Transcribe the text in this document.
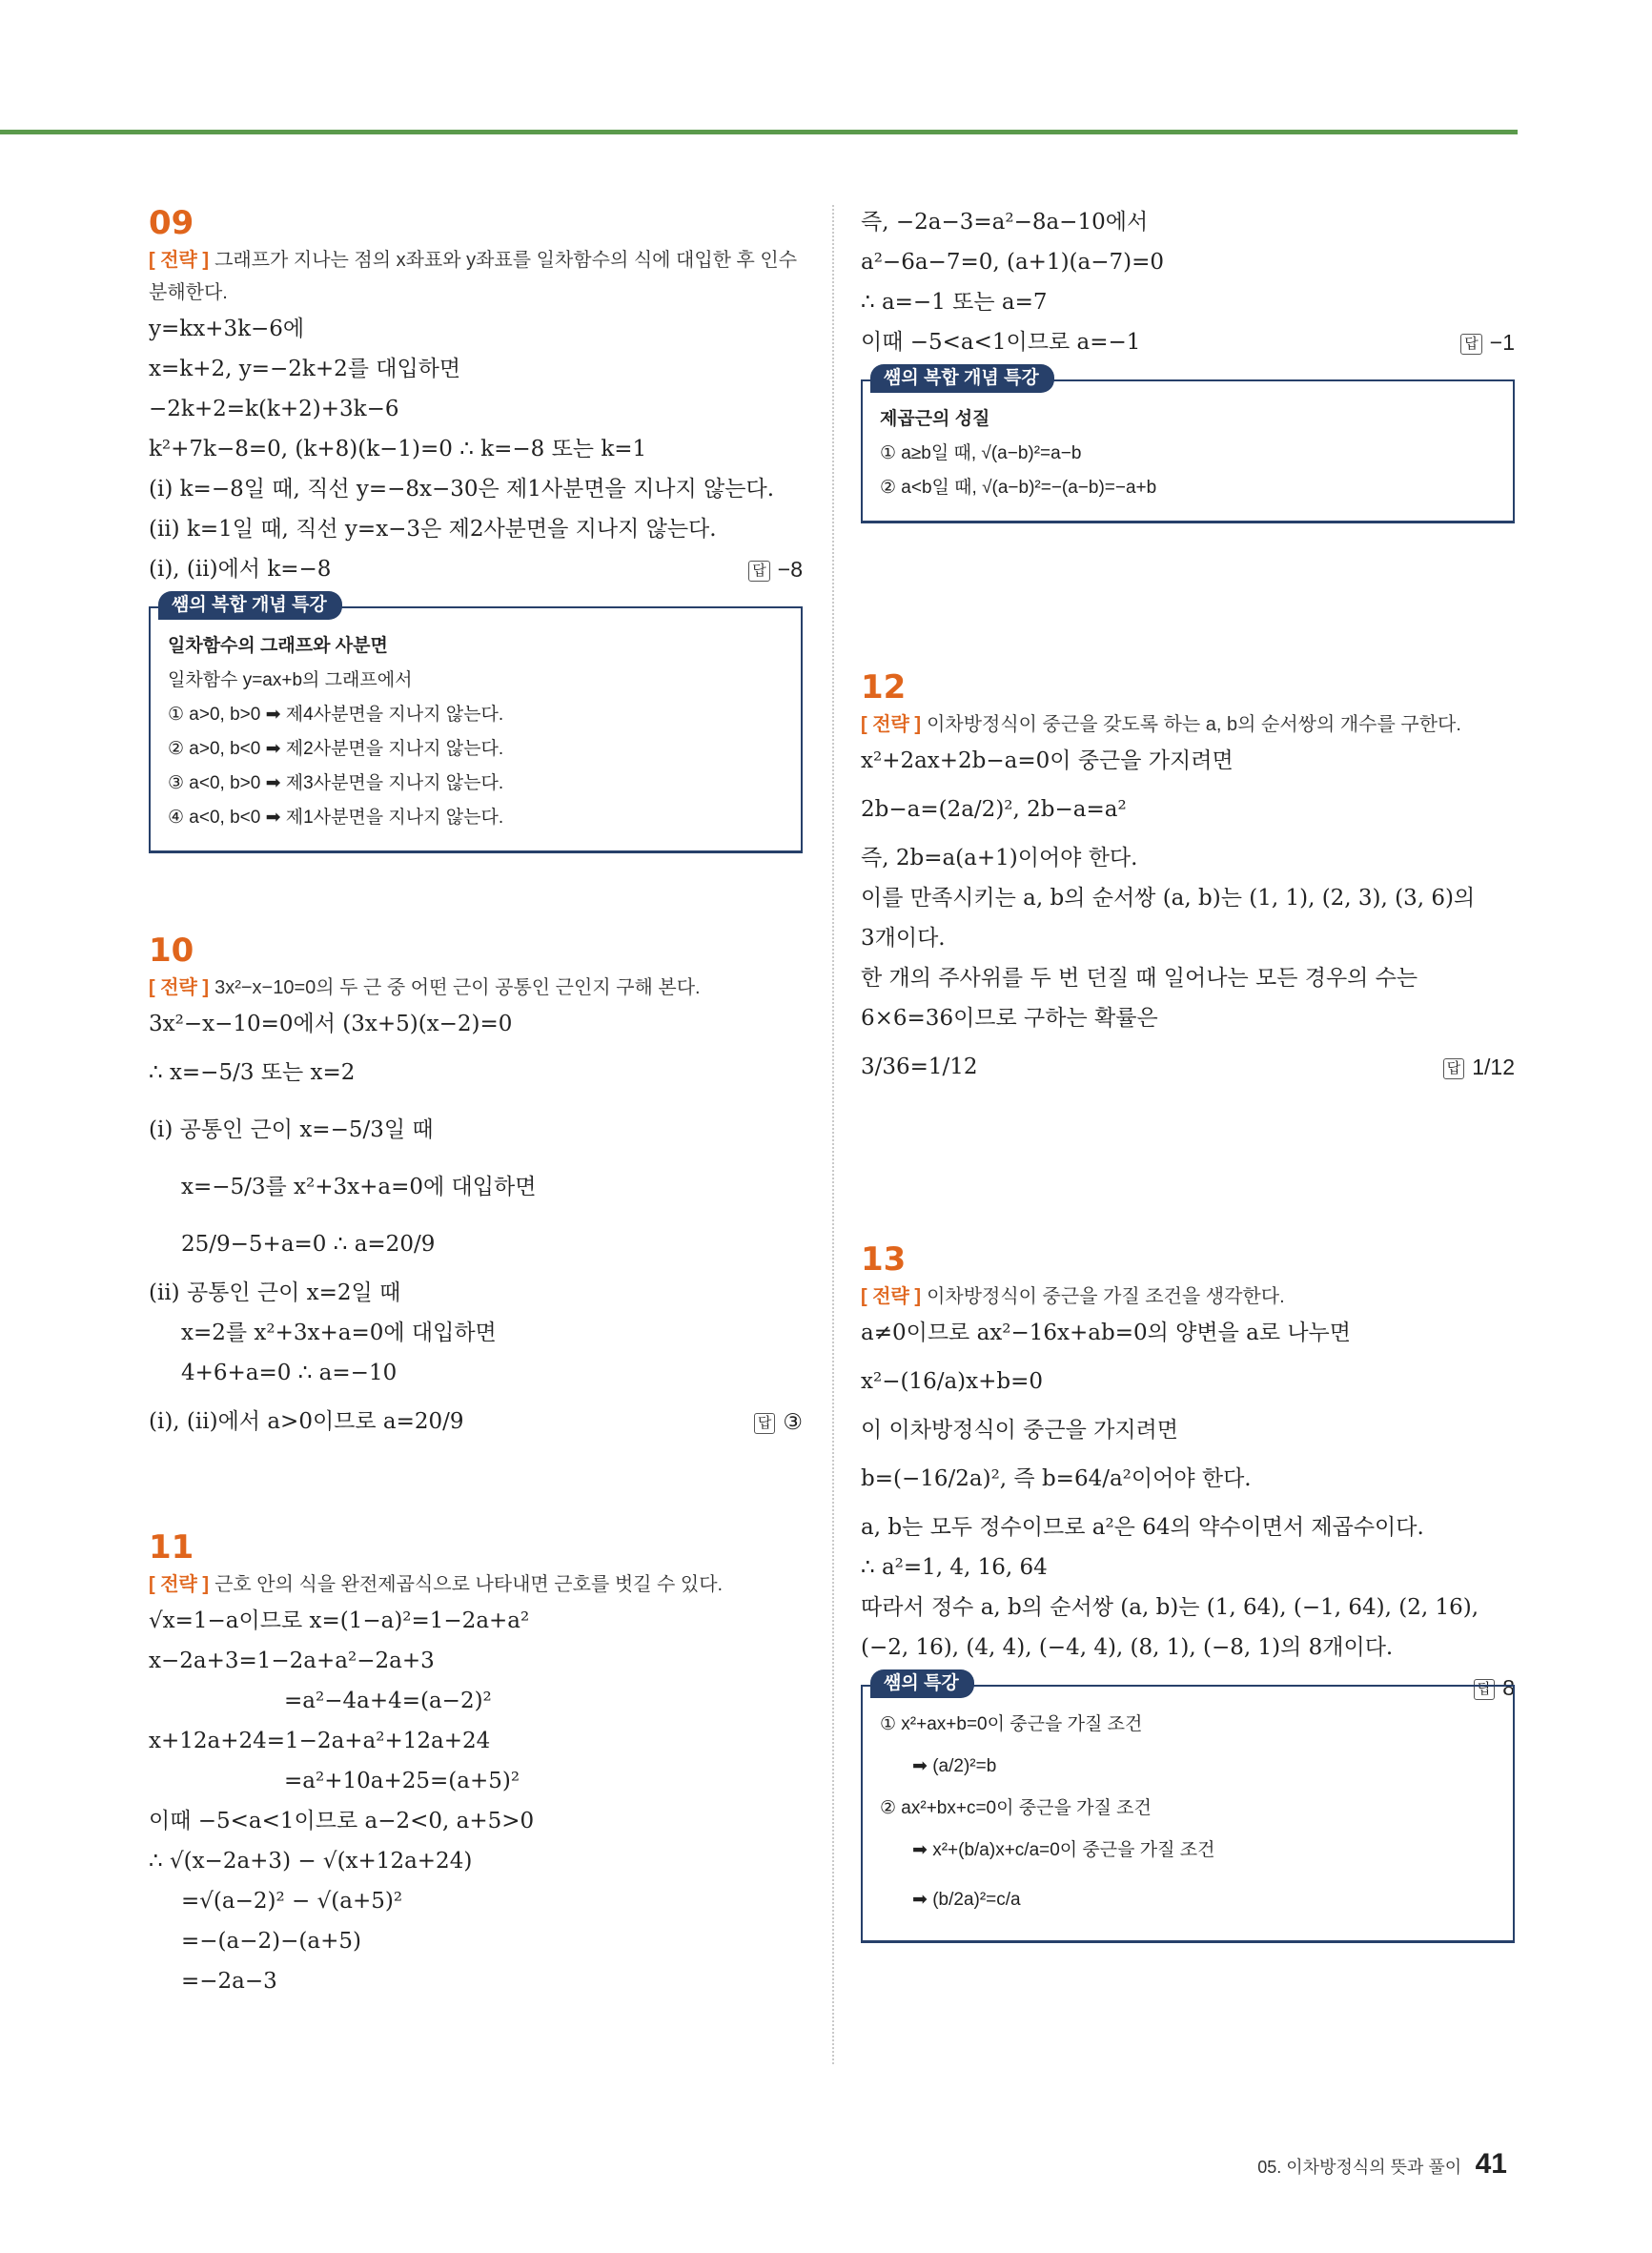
09
[ 전략 ] 그래프가 지나는 점의 x좌표와 y좌표를 일차함수의 식에 대입한 후 인수분해한다.
y=kx+3k−6에
x=k+2, y=−2k+2를 대입하면
−2k+2=k(k+2)+3k−6
k²+7k−8=0, (k+8)(k−1)=0 ∴ k=−8 또는 k=1
(i) k=−8일 때, 직선 y=−8x−30은 제1사분면을 지나지 않는다.
(ii) k=1일 때, 직선 y=x−3은 제2사분면을 지나지 않는다.
(i), (ii)에서 k=−8	답 −8
쌤의 복합 개념 특강
일차함수의 그래프와 사분면
일차함수 y=ax+b의 그래프에서
① a>0, b>0 ➡ 제4사분면을 지나지 않는다.
② a>0, b<0 ➡ 제2사분면을 지나지 않는다.
③ a<0, b>0 ➡ 제3사분면을 지나지 않는다.
④ a<0, b<0 ➡ 제1사분면을 지나지 않는다.
10
[ 전략 ] 3x²−x−10=0의 두 근 중 어떤 근이 공통인 근인지 구해 본다.
3x²−x−10=0에서 (3x+5)(x−2)=0
∴ x=−5/3 또는 x=2
(i) 공통인 근이 x=−5/3일 때
x=−5/3를 x²+3x+a=0에 대입하면
25/9−5+a=0 ∴ a=20/9
(ii) 공통인 근이 x=2일 때
x=2를 x²+3x+a=0에 대입하면
4+6+a=0 ∴ a=−10
(i), (ii)에서 a>0이므로 a=20/9	답 ③
11
[ 전략 ] 근호 안의 식을 완전제곱식으로 나타내면 근호를 벗길 수 있다.
√x=1−a이므로 x=(1−a)²=1−2a+a²
x−2a+3=1−2a+a²−2a+3
=a²−4a+4=(a−2)²
x+12a+24=1−2a+a²+12a+24
=a²+10a+25=(a+5)²
이때 −5<a<1이므로 a−2<0, a+5>0
∴ √(x−2a+3) − √(x+12a+24)
=√(a−2)² − √(a+5)²
=−(a−2)−(a+5)
=−2a−3
즉, −2a−3=a²−8a−10에서
a²−6a−7=0, (a+1)(a−7)=0
∴ a=−1 또는 a=7
이때 −5<a<1이므로 a=−1	답 −1
쌤의 복합 개념 특강
제곱근의 성질
① a≥b일 때, √(a−b)²=a−b
② a<b일 때, √(a−b)²=−(a−b)=−a+b
12
[ 전략 ] 이차방정식이 중근을 갖도록 하는 a, b의 순서쌍의 개수를 구한다.
x²+2ax+2b−a=0이 중근을 가지려면
2b−a=(2a/2)², 2b−a=a²
즉, 2b=a(a+1)이어야 한다.
이를 만족시키는 a, b의 순서쌍 (a, b)는 (1, 1), (2, 3), (3, 6)의
3개이다.
한 개의 주사위를 두 번 던질 때 일어나는 모든 경우의 수는
6×6=36이므로 구하는 확률은
3/36=1/12	답 1/12
13
[ 전략 ] 이차방정식이 중근을 가질 조건을 생각한다.
a≠0이므로 ax²−16x+ab=0의 양변을 a로 나누면
x²−(16/a)x+b=0
이 이차방정식이 중근을 가지려면
b=(−16/2a)², 즉 b=64/a²이어야 한다.
a, b는 모두 정수이므로 a²은 64의 약수이면서 제곱수이다.
∴ a²=1, 4, 16, 64
따라서 정수 a, b의 순서쌍 (a, b)는 (1, 64), (−1, 64), (2, 16),
(−2, 16), (4, 4), (−4, 4), (8, 1), (−8, 1)의 8개이다.
답 8
쌤의 특강
① x²+ax+b=0이 중근을 가질 조건
➡ (a/2)²=b
② ax²+bx+c=0이 중근을 가질 조건
➡ x²+(b/a)x+c/a=0이 중근을 가질 조건
➡ (b/2a)²=c/a
05. 이차방정식의 뜻과 풀이 41
